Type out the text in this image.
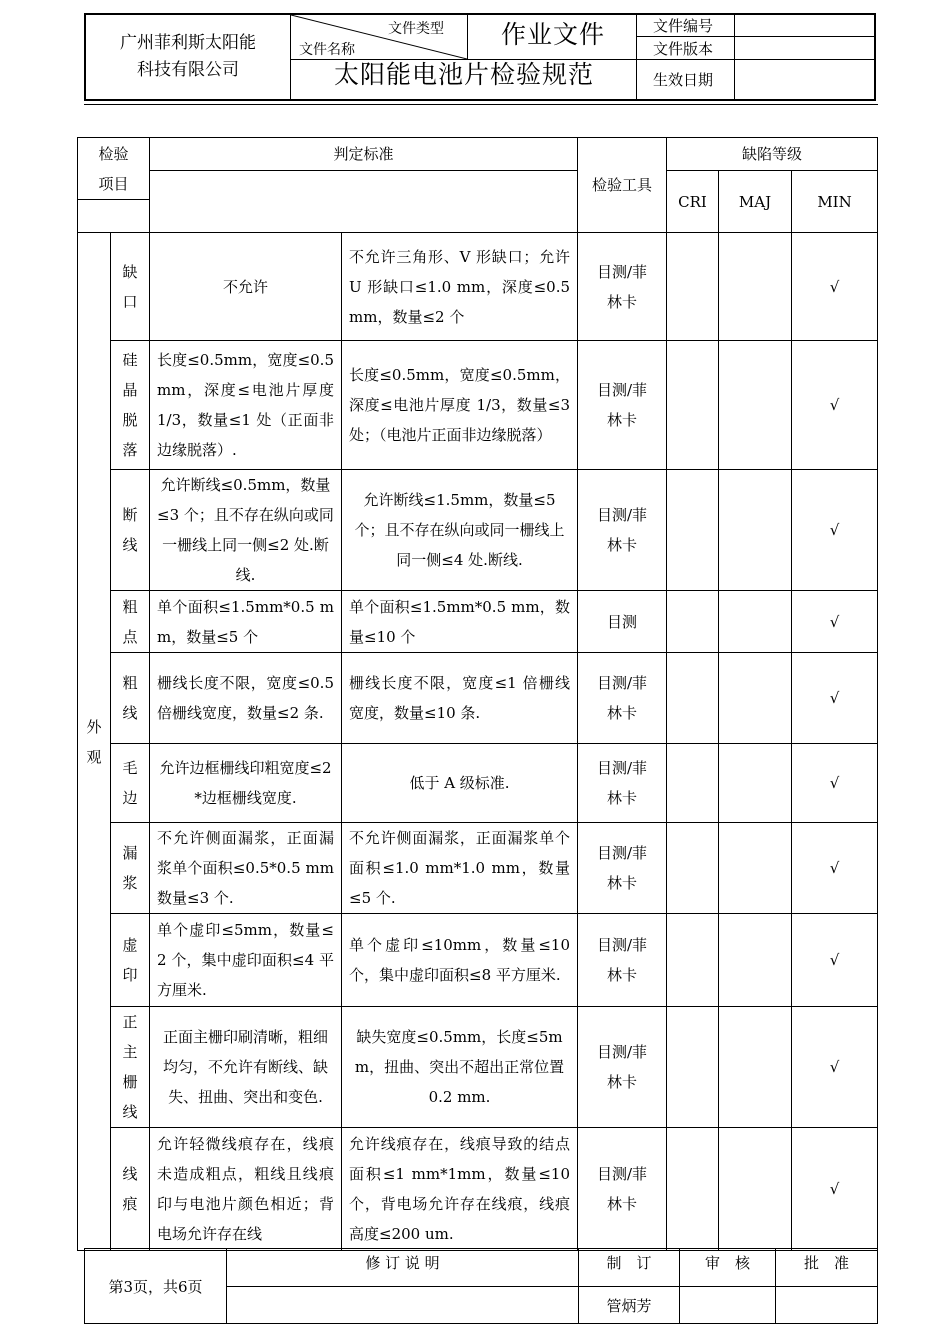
广州菲利斯太阳能
科技有限公司
文件类型
文件名称
作业文件
太阳能电池片检验规范
文件编号
文件版本
生效日期
检验项目		判定标准		检验工具	缺陷等级		
					CRI	MAJ	MIN

外观	缺口	不允许	不允许三角形、V 形缺口；允许 U 形缺口≤1.0 mm，深度≤0.5 mm，数量≤2 个	目测/菲林卡			√

	硅晶脱落	长度≤0.5mm，宽度≤0.5mm，深度≤电池片厚度 1/3，数量≤1 处（正面非边缘脱落）.	长度≤0.5mm，宽度≤0.5mm，深度≤电池片厚度 1/3，数量≤3 处；（电池片正面非边缘脱落）	目测/菲林卡			√

	断线	允许断线≤0.5mm，数量≤3 个；且不存在纵向或同一栅线上同一侧≤2 处.断线.	允许断线≤1.5mm，数量≤5 个；且不存在纵向或同一栅线上同一侧≤4 处.断线.	目测/菲林卡			√

	粗点	单个面积≤1.5mm*0.5 mm，数量≤5 个	单个面积≤1.5mm*0.5 mm，数量≤10 个	目测			√

	粗线	栅线长度不限，宽度≤0.5 倍栅线宽度，数量≤2 条.	栅线长度不限，宽度≤1 倍栅线宽度，数量≤10 条.	目测/菲林卡			√

	毛边	允许边框栅线印粗宽度≤2*边框栅线宽度.	低于 A 级标准.	目测/菲林卡			√

	漏浆	不允许侧面漏浆，正面漏浆单个面积≤0.5*0.5 mm 数量≤3 个.	不允许侧面漏浆，正面漏浆单个面积≤1.0 mm*1.0 mm，数量≤5 个.	目测/菲林卡			√

	虚印	单个虚印≤5mm，数量≤2 个，集中虚印面积≤4 平方厘米.	单个虚印≤10mm，数量≤10 个，集中虚印面积≤8 平方厘米.	目测/菲林卡			√

	正主栅线	正面主栅印刷清晰，粗细均匀，不允许有断线、缺失、扭曲、突出和变色.	缺失宽度≤0.5mm，长度≤5mm，扭曲、突出不超出正常位置 0.2 mm.	目测/菲林卡			√

	线痕	允许轻微线痕存在，线痕未造成粗点，粗线且线痕印与电池片颜色相近；背电场允许存在线	允许线痕存在，线痕导致的结点面积≤1 mm*1mm，数量≤10 个，背电场允许存在线痕，线痕高度≤200 um.	目测/菲林卡			√
第3页，共6页	修 订 说 明	制　订	审　核	批　准
		管炳芳		
